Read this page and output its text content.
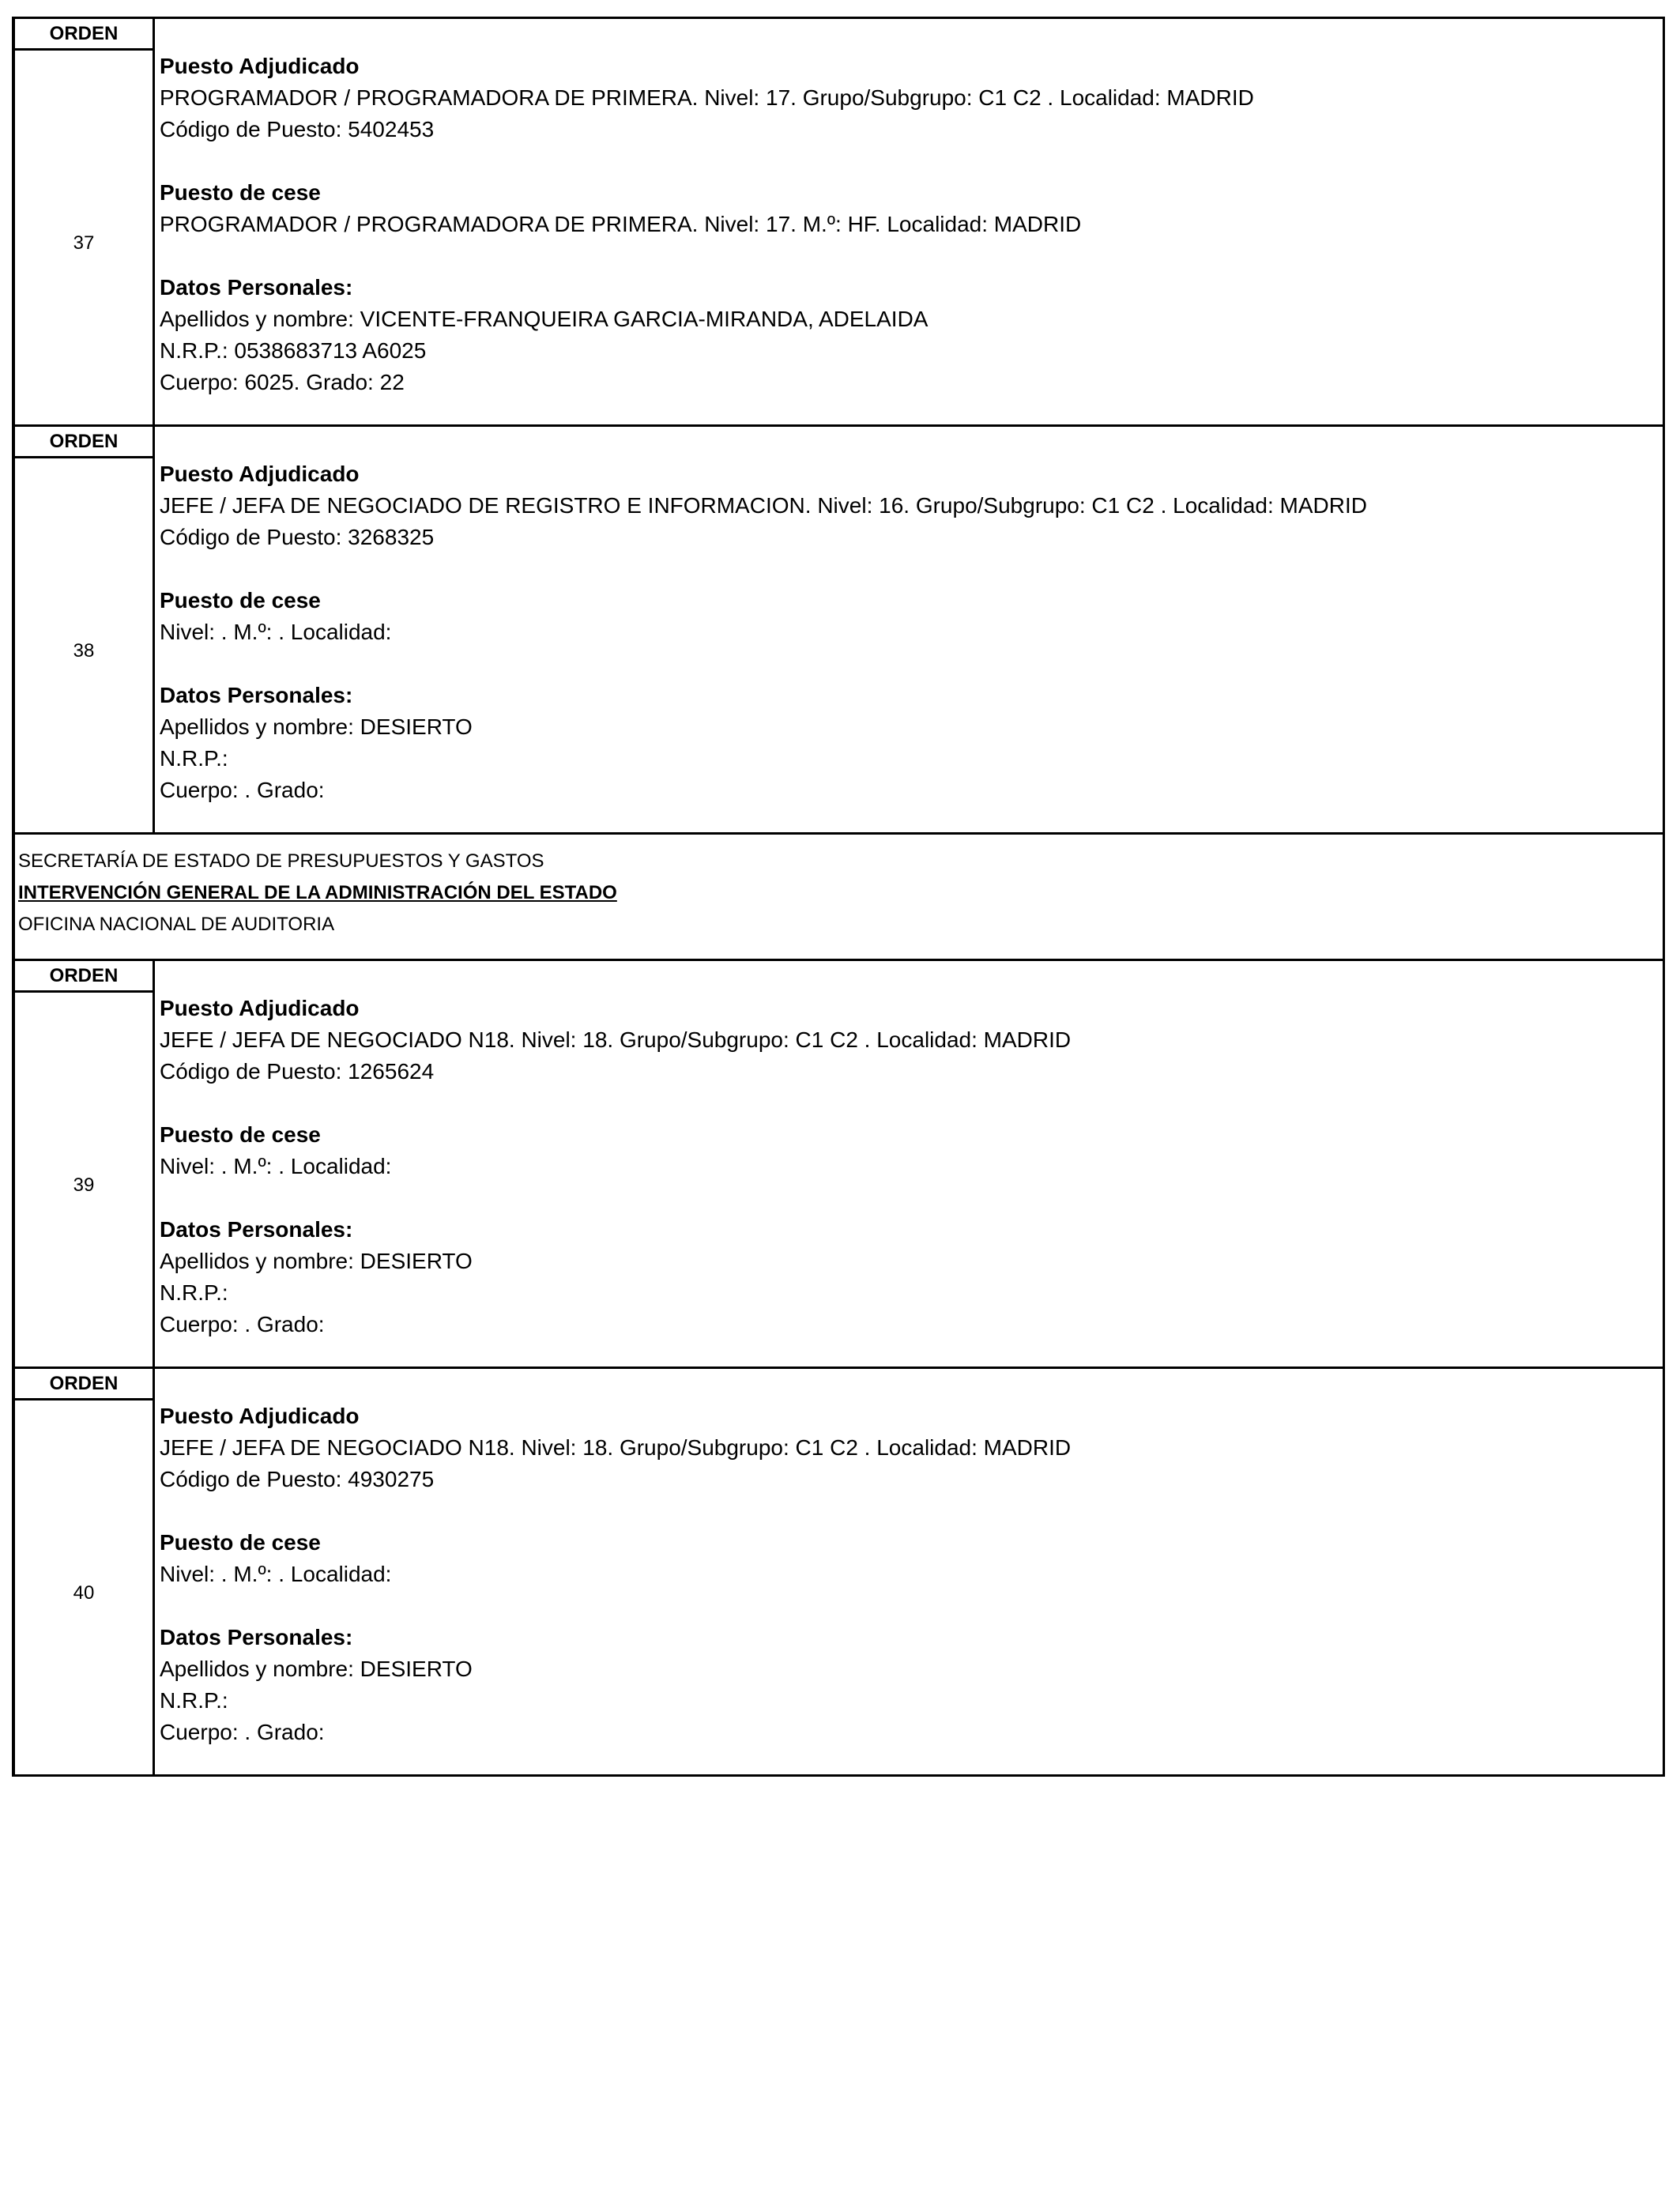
ORDEN
37
Puesto Adjudicado
PROGRAMADOR / PROGRAMADORA DE PRIMERA. Nivel: 17. Grupo/Subgrupo: C1 C2 . Localidad: MADRID
Código de Puesto: 5402453
Puesto de cese
PROGRAMADOR / PROGRAMADORA DE PRIMERA. Nivel: 17. M.º: HF. Localidad: MADRID
Datos Personales:
Apellidos y nombre: VICENTE-FRANQUEIRA GARCIA-MIRANDA, ADELAIDA
N.R.P.: 0538683713 A6025
Cuerpo: 6025. Grado: 22
ORDEN
38
Puesto Adjudicado
JEFE / JEFA DE NEGOCIADO DE REGISTRO E INFORMACION. Nivel: 16. Grupo/Subgrupo: C1 C2 . Localidad: MADRID
Código de Puesto: 3268325
Puesto de cese
Nivel: . M.º: . Localidad:
Datos Personales:
Apellidos y nombre: DESIERTO
N.R.P.:
Cuerpo: . Grado:
SECRETARÍA DE ESTADO DE PRESUPUESTOS Y GASTOS
INTERVENCIÓN GENERAL DE LA ADMINISTRACIÓN DEL ESTADO
OFICINA NACIONAL DE AUDITORIA
ORDEN
39
Puesto Adjudicado
JEFE / JEFA DE NEGOCIADO N18. Nivel: 18. Grupo/Subgrupo: C1 C2 . Localidad: MADRID
Código de Puesto: 1265624
Puesto de cese
Nivel: . M.º: . Localidad:
Datos Personales:
Apellidos y nombre: DESIERTO
N.R.P.:
Cuerpo: . Grado:
ORDEN
40
Puesto Adjudicado
JEFE / JEFA DE NEGOCIADO N18. Nivel: 18. Grupo/Subgrupo: C1 C2 . Localidad: MADRID
Código de Puesto: 4930275
Puesto de cese
Nivel: . M.º: . Localidad:
Datos Personales:
Apellidos y nombre: DESIERTO
N.R.P.:
Cuerpo: . Grado:
